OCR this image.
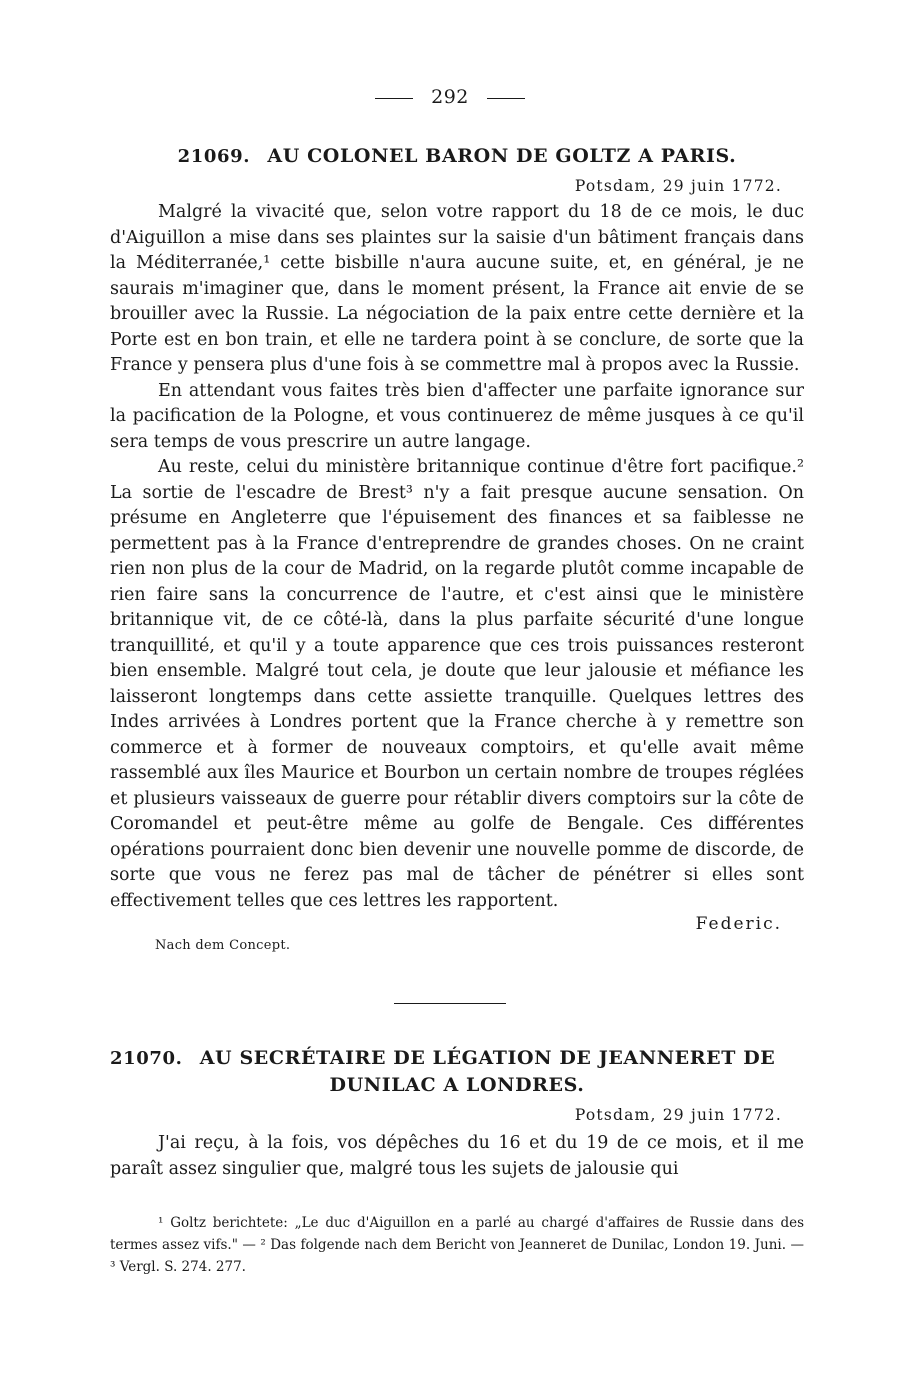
292
21069. AU COLONEL BARON DE GOLTZ A PARIS.
Potsdam, 29 juin 1772.

Malgré la vivacité que, selon votre rapport du 18 de ce mois, le duc d'Aiguillon a mise dans ses plaintes sur la saisie d'un bâtiment français dans la Méditerranée,¹ cette bisbille n'aura aucune suite, et, en général, je ne saurais m'imaginer que, dans le moment présent, la France ait envie de se brouiller avec la Russie. La négociation de la paix entre cette dernière et la Porte est en bon train, et elle ne tardera point à se conclure, de sorte que la France y pensera plus d'une fois à se commettre mal à propos avec la Russie.

En attendant vous faites très bien d'affecter une parfaite ignorance sur la pacification de la Pologne, et vous continuerez de même jusques à ce qu'il sera temps de vous prescrire un autre langage.

Au reste, celui du ministère britannique continue d'être fort pacifique.² La sortie de l'escadre de Brest³ n'y a fait presque aucune sensation. On présume en Angleterre que l'épuisement des finances et sa faiblesse ne permettent pas à la France d'entreprendre de grandes choses. On ne craint rien non plus de la cour de Madrid, on la regarde plutôt comme incapable de rien faire sans la concurrence de l'autre, et c'est ainsi que le ministère britannique vit, de ce côté-là, dans la plus parfaite sécurité d'une longue tranquillité, et qu'il y a toute apparence que ces trois puissances resteront bien ensemble. Malgré tout cela, je doute que leur jalousie et méfiance les laisseront longtemps dans cette assiette tranquille. Quelques lettres des Indes arrivées à Londres portent que la France cherche à y remettre son commerce et à former de nouveaux comptoirs, et qu'elle avait même rassemblé aux îles Maurice et Bourbon un certain nombre de troupes réglées et plusieurs vaisseaux de guerre pour rétablir divers comptoirs sur la côte de Coromandel et peut-être même au golfe de Bengale. Ces différentes opérations pourraient donc bien devenir une nouvelle pomme de discorde, de sorte que vous ne ferez pas mal de tâcher de pénétrer si elles sont effectivement telles que ces lettres les rapportent.

Federic.
Nach dem Concept.
21070. AU SECRÉTAIRE DE LÉGATION DE JEANNERET DE
DUNILAC A LONDRES.
Potsdam, 29 juin 1772.

J'ai reçu, à la fois, vos dépêches du 16 et du 19 de ce mois, et il me paraît assez singulier que, malgré tous les sujets de jalousie qui

¹ Goltz berichtete: „Le duc d'Aiguillon en a parlé au chargé d'affaires de Russie dans des termes assez vifs." — ² Das folgende nach dem Bericht von Jeanneret de Dunilac, London 19. Juni. — ³ Vergl. S. 274. 277.
